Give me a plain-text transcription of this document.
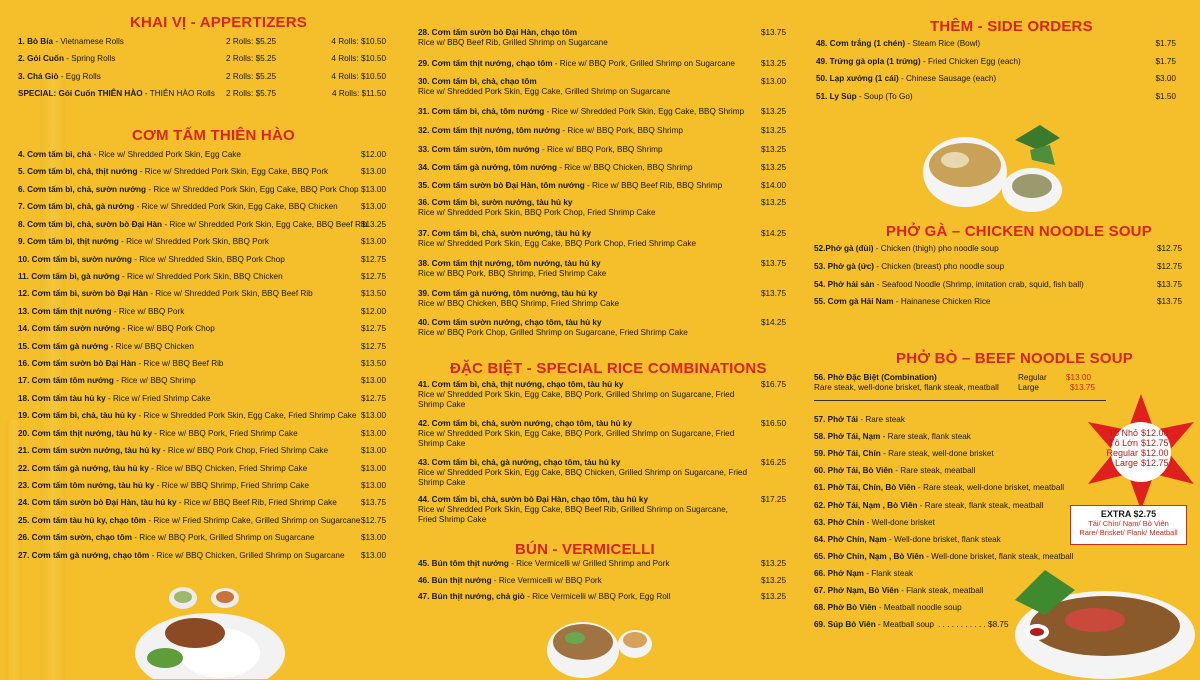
KHAI VỊ - APPERTIZERS
1. Bò Bía - Vietnamese Rolls	2 Rolls: $5.25	4 Rolls: $10.50
2. Gỏi Cuốn - Spring Rolls	2 Rolls: $5.25	4 Rolls: $10.50
3. Chả Giò - Egg Rolls	2 Rolls: $5.25	4 Rolls: $10.50
SPECIAL: Gỏi Cuốn THIÊN HÀO - THIÊN HÀO Rolls 2 Rolls: $5.75	4 Rolls: $11.50
CƠM TẤM THIÊN HÀO
4. Cơm tấm bì, chả - Rice w/ Shredded Pork Skin, Egg Cake	$12.00
5. Cơm tấm bì, chả, thịt nướng - Rice w/ Shredded Pork Skin, Egg Cake, BBQ Pork	$13.00
6. Cơm tấm bì, chả, sườn nướng - Rice w/ Shredded Pork Skin, Egg Cake, BBQ Pork Chop $13.00
7. Cơm tấm bì, chả, gà nướng - Rice w/ Shredded Pork Skin, Egg Cake, BBQ Chicken	$13.00
8. Cơm tấm bì, chả, sườn bò Đại Hàn - Rice w/ Shredded Pork Skin, Egg Cake, BBQ Beef Rib
$13.25
9. Cơm tấm bì, thịt nướng - Rice w/ Shredded Pork Skin, BBQ Pork	$13.00
10. Cơm tấm bì, sườn nướng - Rice w/ Shredded Skin, BBQ Pork Chop	$12.75
11. Cơm tấm bì, gà nướng - Rice w/ Shredded Pork Skin, BBQ Chicken	$12.75
12. Cơm tấm bì, sườn bò Đại Hàn - Rice w/ Shredded Pork Skin, BBQ Beef Rib	$13.50
13. Cơm tấm thịt nướng - Rice w/ BBQ Pork	$12.00
14. Cơm tấm sườn nướng - Rice w/ BBQ Pork Chop	$12.75
15. Cơm tấm gà nướng - Rice w/ BBQ Chicken	$12.75
16. Cơm tấm sườn bò Đại Hàn - Rice w/ BBQ Beef Rib	$13.50
17. Cơm tấm tôm nướng - Rice w/ BBQ Shrimp	$13.00
18. Cơm tấm tàu hủ ky - Rice w/ Fried Shrimp Cake	$12.75
19. Cơm tấm bì, chả, tàu hủ ky - Rice w Shredded Pork Skin, Egg Cake, Fried Shrimp Cake $13.00
20. Cơm tấm thịt nướng, tàu hủ ky - Rice w/ BBQ Pork, Fried Shrimp Cake	$13.00
21. Cơm tấm sườn nướng, tàu hủ ky - Rice w/ BBQ Pork Chop, Fried Shrimp Cake	$13.00
22. Cơm tấm gà nướng, tàu hủ ky - Rice w/ BBQ Chicken, Fried Shrimp Cake	$13.00
23. Cơm tấm tôm nướng, tàu hủ ky - Rice w/ BBQ Shrimp, Fried Shrimp Cake	$13.00
24. Cơm tấm sườn bò Đại Hàn, tàu hủ ky - Rice w/ BBQ Beef Rib, Fried Shrimp Cake	$13.75
25. Cơm tấm tàu hủ ky, chạo tôm - Rice w/ Fried Shrimp Cake, Grilled Shrimp on Sugarcane $12.75
26. Cơm tấm sườn, chạo tôm - Rice w/ BBQ Pork, Grilled Shrimp on Sugarcane	$13.00
27. Cơm tấm gà nướng, chạo tôm - Rice w/ BBQ Chicken, Grilled Shrimp on Sugarcane $13.00
28. Cơm tấm sườn bò Đại Hàn, chạo tôm
Rice w/ BBQ Beef Rib, Grilled Shrimp on Sugarcane
$13.75
29. Cơm tấm thịt nướng, chạo tôm - Rice w/ BBQ Pork, Grilled Shrimp on Sugarcane	$13.25
30. Cơm tấm bì, chả, chạo tôm
Rice w/ Shredded Pork Skin, Egg Cake, Grilled Shrimp on Sugarcane
$13.00
31. Cơm tấm bì, chả, tôm nướng - Rice w/ Shredded Pork Skin, Egg Cake, BBQ Shrimp $13.25
32. Cơm tấm thịt nướng, tôm nướng - Rice w/ BBQ Pork, BBQ Shrimp	$13.25
33. Cơm tấm sườn, tôm nướng - Rice w/ BBQ Pork, BBQ Shrimp	$13.25
34. Cơm tấm gà nướng, tôm nướng - Rice w/ BBQ Chicken, BBQ Shrimp	$13.25
35. Cơm tấm sườn bò Đại Hàn, tôm nướng - Rice w/ BBQ Beef Rib, BBQ Shrimp	$14.00
36. Cơm tấm bì, sườn nướng, tàu hủ ky
Rice w/ Shredded Pork Skin, BBQ Pork Chop, Fried Shrimp Cake
$13.25
37. Cơm tấm bì, chả, sườn nướng, tàu hủ ky
Rice w/ Shredded Pork Skin, Egg Cake, BBQ Pork Chop, Fried Shrimp Cake
$14.25
38. Cơm tấm thịt nướng, tôm nướng, tàu hủ ky
Rice w/ BBQ Pork, BBQ Shrimp, Fried Shrimp Cake
$13.75
39. Cơm tấm gà nướng, tôm nướng, tàu hủ ky
Rice w/ BBQ Chicken, BBQ Shrimp, Fried Shrimp Cake
$13.75
40. Cơm tấm sườn nướng, chạo tôm, tàu hủ ky
Rice w/ BBQ Pork Chop, Grilled Shrimp on Sugarcane, Fried Shrimp Cake
$14.25
ĐẶC BIỆT - SPECIAL RICE COMBINATIONS
41. Cơm tấm bì, chả, thịt nướng, chạo tôm, tàu hủ ky	$16.75
Rice w/ Shredded Pork Skin, Egg Cake, BBQ Pork, Grilled Shrimp on Sugarcane, Fried Shrimp Cake
42. Cơm tấm bì, chả, sườn nướng, chạo tôm, tàu hủ ky	$16.50
Rice w/ Shredded Pork Skin, Egg Cake, BBQ Pork, Grilled Shrimp on Sugarcane, Fried Shrimp Cake
43. Cơm tấm bì, chả, gà nướng, chạo tôm, tàu hủ ky	$16.25
Rice w/ Shredded Pork Skin, Egg Cake, BBQ Chicken, Grilled Shrimp on Sugarcane, Fried Shrimp Cake
44. Cơm tấm bì, chả, sườn bò Đại Hàn, chạo tôm, tàu hủ ky	$17.25
Rice w/ Shredded Pork Skin, Egg Cake, BBQ Beef Rib, Grilled Shrimp on Sugarcane, Fried Shrimp Cake
BÚN - VERMICELLI
45. Bún tôm thịt nướng - Rice Vermicelli w/ Grilled Shrimp and Pork	$13.25
46. Bún thịt nướng - Rice Vermicelli w/ BBQ Pork	$13.25
47. Bún thịt nướng, chả giò - Rice Vermicelli w/ BBQ Pork, Egg Roll	$13.25
THÊM - SIDE ORDERS
48. Cơm trắng (1 chén) - Steam Rice (Bowl)	$1.75
49. Trứng gà opla (1 trứng) - Fried Chicken Egg (each)	$1.75
50. Lạp xưởng (1 cái) - Chinese Sausage (each)	$3.00
51. Ly Súp - Soup (To Go)	$1.50
PHỞ GÀ – CHICKEN NOODLE SOUP
52.Phở gà (đùi) - Chicken (thigh) pho noodle soup	$12.75
53. Phở gà (ức) - Chicken (breast) pho noodle soup	$12.75
54. Phở hải sản - Seafood Noodle (Shrimp, imitation crab, squid, fish ball)	$13.75
55. Cơm gà Hải Nam - Hainanese Chicken Rice	$13.75
PHỞ BÒ – BEEF NOODLE SOUP
56. Phở Đặc Biệt (Combination)	Regular $13.00
Rare steak, well-done brisket, flank steak, meatball	Large	$13.75
57. Phở Tái - Rare steak
58. Phở Tái, Nạm - Rare steak, flank steak
59. Phở Tái, Chín - Rare steak, well-done brisket
60. Phở Tái, Bò Viên - Rare steak, meatball
61. Phở Tái, Chín, Bò Viên - Rare steak, well-done brisket, meatball
62. Phở Tái, Nạm , Bò Viên - Rare steak, flank steak, meatball
63. Phở Chín - Well-done brisket
64. Phở Chín, Nạm - Well-done brisket, flank steak
65. Phở Chín, Nạm , Bò Viên - Well-done brisket, flank steak, meatball
66. Phở Nạm - Flank steak
67. Phở Nạm, Bò Viên - Flank steak, meatball
68. Phở Bò Viên - Meatball noodle soup
69. Súp Bò Viên - Meatball soup . . . . . . . . . . . $8.75
Tô Nhỏ $12.00
Tô Lớn $12.75
Regular $12.00
Large $12.75
EXTRA $2.75
Tái/ Chín/ Nạm/ Bò Viên
Rare/ Brisket/ Flank/ Meatball
